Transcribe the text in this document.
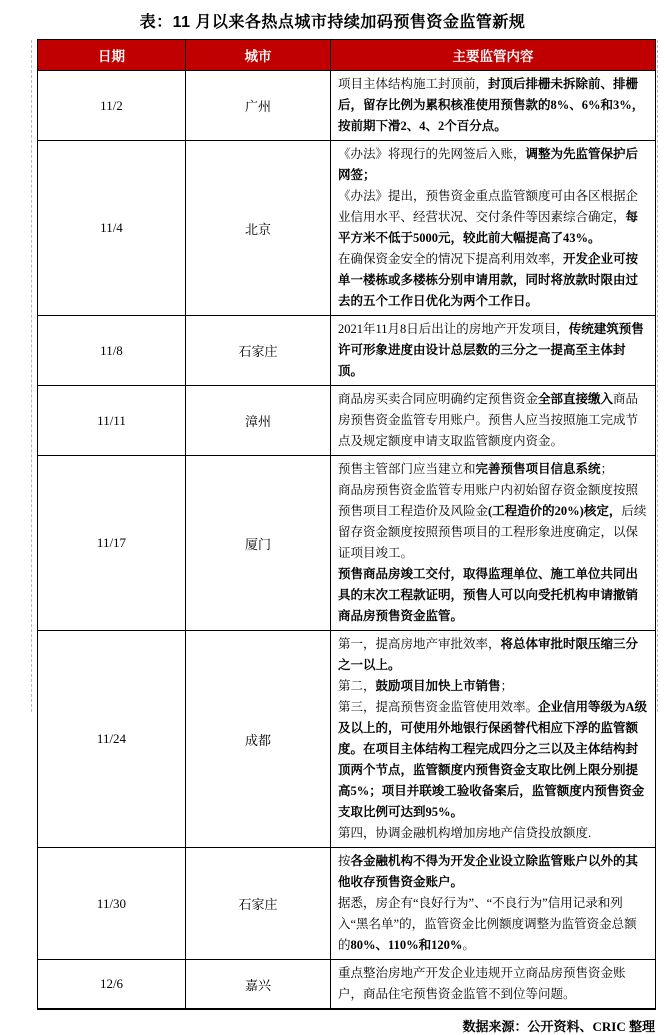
表：11 月以来各热点城市持续加码预售资金监管新规
日期	城市	主要监管内容
11/2	广州	项目主体结构施工封顶前，封顶后排栅未拆除前、排栅后，留存比例为累积核准使用预售款的8%、6%和3%，按前期下滑2、4、2个百分点。

11/4	北京	《办法》将现行的先网签后入账，调整为先监管保护后网签；
《办法》提出，预售资金重点监管额度可由各区根据企业信用水平、经营状况、交付条件等因素综合确定，每平方米不低于5000元，较此前大幅提高了43%。
在确保资金安全的情况下提高利用效率，开发企业可按单一楼栋或多楼栋分别申请用款，同时将放款时限由过去的五个工作日优化为两个工作日。

11/8	石家庄	2021年11月8日后出让的房地产开发项目，传统建筑预售许可形象进度由设计总层数的三分之一提高至主体封顶。

11/11	漳州	商品房买卖合同应明确约定预售资金全部直接缴入商品房预售资金监管专用账户。预售人应当按照施工完成节点及规定额度申请支取监管额度内资金。

11/17	厦门	预售主管部门应当建立和完善预售项目信息系统；
商品房预售资金监管专用账户内初始留存资金额度按照预售项目工程造价及风险金(工程造价的20%)核定，后续留存资金额度按照预售项目的工程形象进度确定，以保证项目竣工。
预售商品房竣工交付，取得监理单位、施工单位共同出具的末次工程款证明，预售人可以向受托机构申请撤销商品房预售资金监管。

11/24	成都	第一，提高房地产审批效率，将总体审批时限压缩三分之一以上。
第二，鼓励项目加快上市销售；
第三，提高预售资金监管使用效率。企业信用等级为A级及以上的，可使用外地银行保函替代相应下浮的监管额度。在项目主体结构工程完成四分之三以及主体结构封顶两个节点，监管额度内预售资金支取比例上限分别提高5%；项目并联竣工验收备案后，监管额度内预售资金支取比例可达到95%。
第四，协调金融机构增加房地产信贷投放额度.

11/30	石家庄	按各金融机构不得为开发企业设立除监管账户以外的其他收存预售资金账户。
据悉，房企有“良好行为”、“不良行为”信用记录和列入“黑名单”的，监管资金比例额度调整为监管资金总额的80%、110%和120%。

12/6	嘉兴	重点整治房地产开发企业违规开立商品房预售资金账户，商品住宅预售资金监管不到位等问题。
数据来源：公开资料、CRIC 整理
